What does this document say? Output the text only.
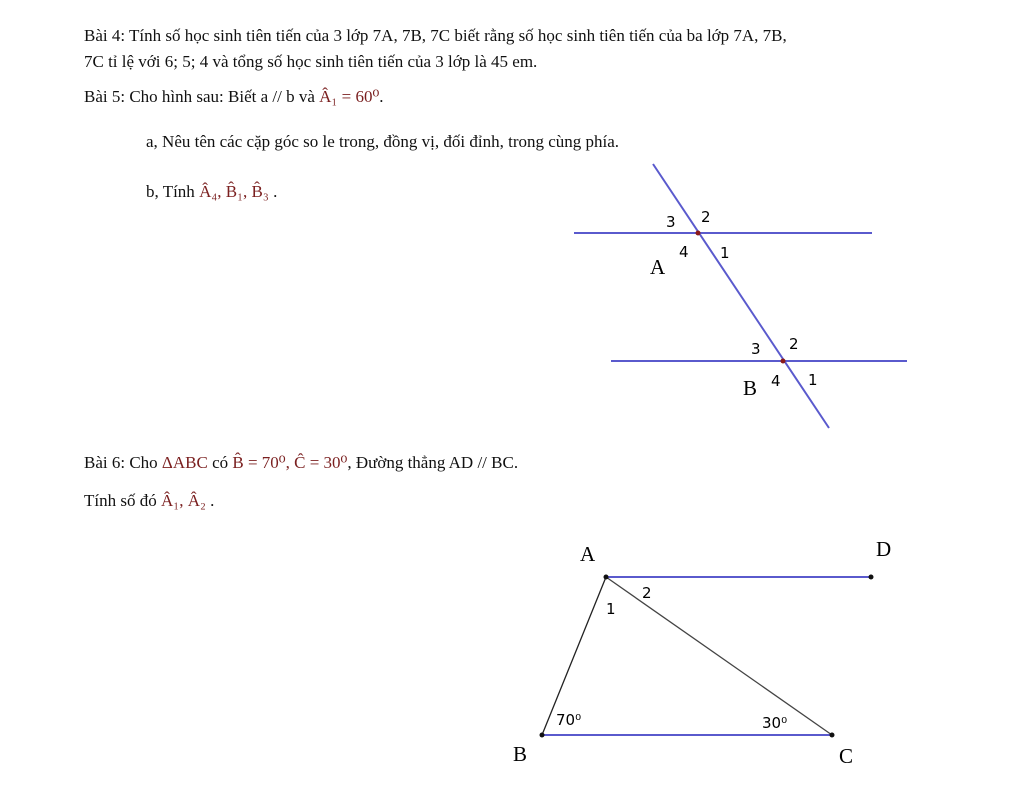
Bài 4: Tính số học sinh tiên tiến của 3 lớp 7A, 7B, 7C biết rằng số học sinh tiên tiến của ba lớp 7A, 7B,
7C tỉ lệ với 6; 5; 4 và tổng số học sinh tiên tiến của 3 lớp là 45 em.
Bài 5: Cho hình sau: Biết a // b và Â₁ = 60⁰.
a, Nêu tên các cặp góc so le trong, đồng vị, đối đỉnh, trong cùng phía.
b, Tính Â₄, B̂₁, B̂₃ .
Bài 6: Cho ΔABC có B̂ = 70⁰, Ĉ = 30⁰, Đường thẳng AD // BC.
Tính số đó Â₁, Â₂ .
A
3 2
4 1
B
3 2
4 1
A	D
B	C
1
2
70⁰	30⁰
